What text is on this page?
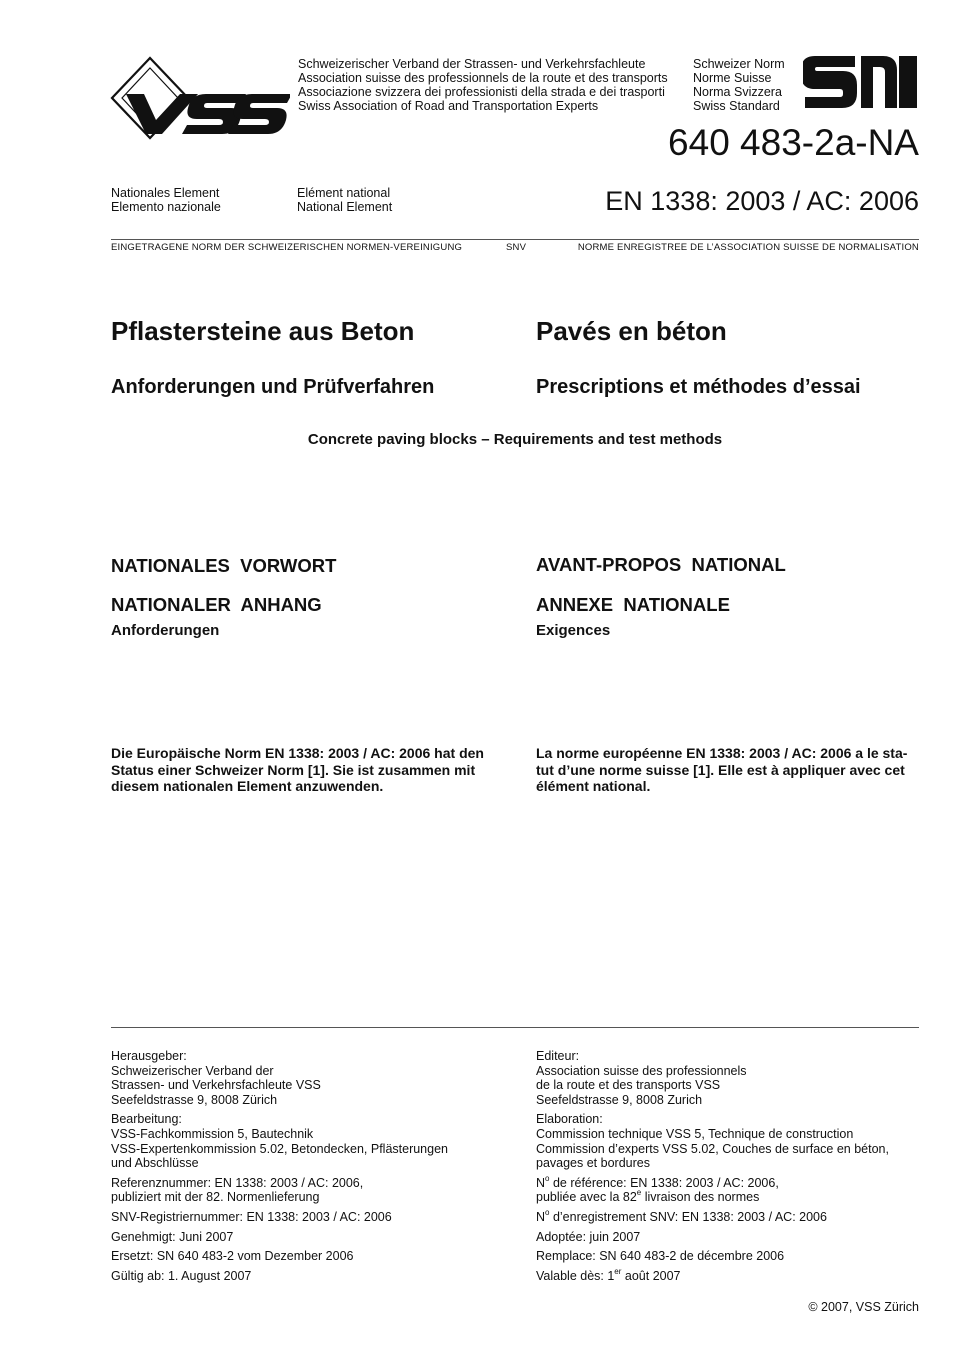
Schweizerischer Verband der Strassen- und Verkehrsfachleute
Association suisse des professionnels de la route et des transports
Associazione svizzera dei professionisti della strada e dei trasporti
Swiss Association of Road and Transportation Experts
Schweizer Norm
Norme Suisse
Norma Svizzera
Swiss Standard
640 483-2a-NA
Nationales Element
Elemento nazionale
Elément national
National Element	EN 1338: 2003 / AC: 2006
EINGETRAGENE NORM DER SCHWEIZERISCHEN NORMEN-VEREINIGUNG	SNV	NORME ENREGISTREE DE L’ASSOCIATION SUISSE DE NORMALISATION
Pflastersteine aus Beton	Pavés en béton
Anforderungen und Prüfverfahren	Prescriptions et méthodes d’essai
Concrete paving blocks – Requirements and test methods
NATIONALES  VORWORT	AVANT-PROPOS  NATIONAL
NATIONALER  ANHANG	ANNEXE  NATIONALE
Anforderungen	Exigences
Die Europäische Norm EN 1338: 2003 / AC: 2006 hat den
Status einer Schweizer Norm [1]. Sie ist zusammen mit
diesem nationalen Element anzuwenden.
La norme européenne EN 1338: 2003 / AC: 2006 a le sta-
tut d’une norme suisse [1]. Elle est à appliquer avec cet
élément national.
Herausgeber:
Schweizerischer Verband der
Strassen- und Verkehrsfachleute VSS
Seefeldstrasse 9, 8008 Zürich
Bearbeitung:
VSS-Fachkommission 5, Bautechnik
VSS-Expertenkommission 5.02, Betondecken, Pflästerungen
und Abschlüsse
Referenznummer: EN 1338: 2003 / AC: 2006,
publiziert mit der 82. Normenlieferung
SNV-Registriernummer: EN 1338: 2003 / AC: 2006
Genehmigt: Juni 2007
Ersetzt: SN 640 483-2 vom Dezember 2006
Gültig ab: 1. August 2007
Editeur:
Association suisse des professionnels
de la route et des transports VSS
Seefeldstrasse 9, 8008 Zurich
Elaboration:
Commission technique VSS 5, Technique de construction
Commission d’experts VSS 5.02, Couches de surface en béton,
pavages et bordures
$N^o$ de référence: EN 1338: 2003 / AC: 2006,
publiée avec la 82e livraison des normes
$N^o$ d’enregistrement SNV: EN 1338: 2003 / AC: 2006
Adoptée: juin 2007
Remplace: SN 640 483-2 de décembre 2006
Valable dès: 1er août 2007
© 2007, VSS Zürich
